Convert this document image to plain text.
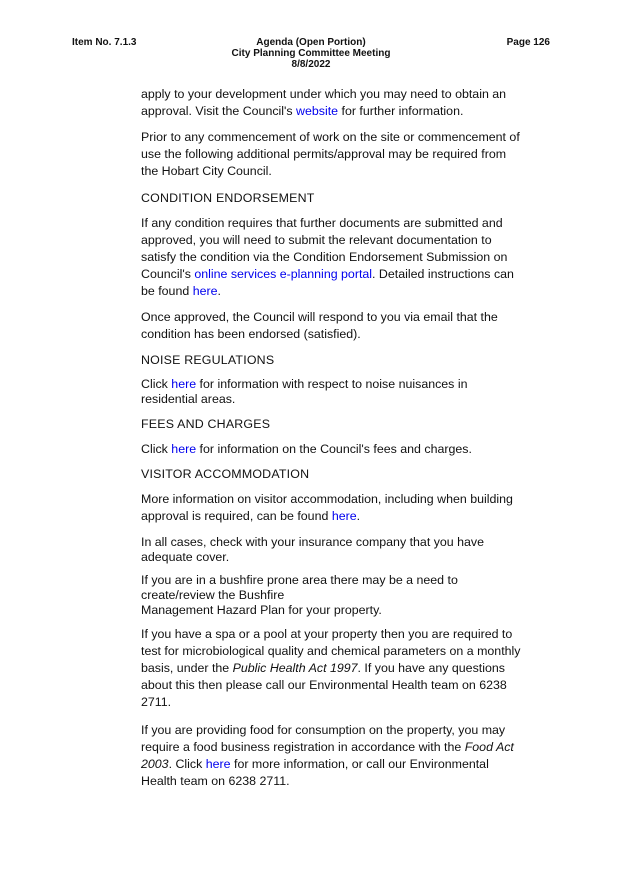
Item No. 7.1.3	Agenda (Open Portion)
City Planning Committee Meeting
8/8/2022
Page 126

apply to your development under which you may need to obtain an approval. Visit the Council's website for further information.

Prior to any commencement of work on the site or commencement of use the following additional permits/approval may be required from the Hobart City Council.

CONDITION ENDORSEMENT

If any condition requires that further documents are submitted and approved, you will need to submit the relevant documentation to satisfy the condition via the Condition Endorsement Submission on Council's online services e-planning portal. Detailed instructions can be found here.

Once approved, the Council will respond to you via email that the condition has been endorsed (satisfied).

NOISE REGULATIONS

Click here for information with respect to noise nuisances in residential areas.

FEES AND CHARGES

Click here for information on the Council's fees and charges.

VISITOR ACCOMMODATION

More information on visitor accommodation, including when building approval is required, can be found here.

In all cases, check with your insurance company that you have adequate cover.

If you are in a bushfire prone area there may be a need to create/review the Bushfire
Management Hazard Plan for your property.

If you have a spa or a pool at your property then you are required to test for microbiological quality and chemical parameters on a monthly basis, under the Public Health Act 1997. If you have any questions about this then please call our Environmental Health team on 6238 2711.

If you are providing food for consumption on the property, you may require a food business registration in accordance with the Food Act 2003. Click here for more information, or call our Environmental Health team on 6238 2711.
